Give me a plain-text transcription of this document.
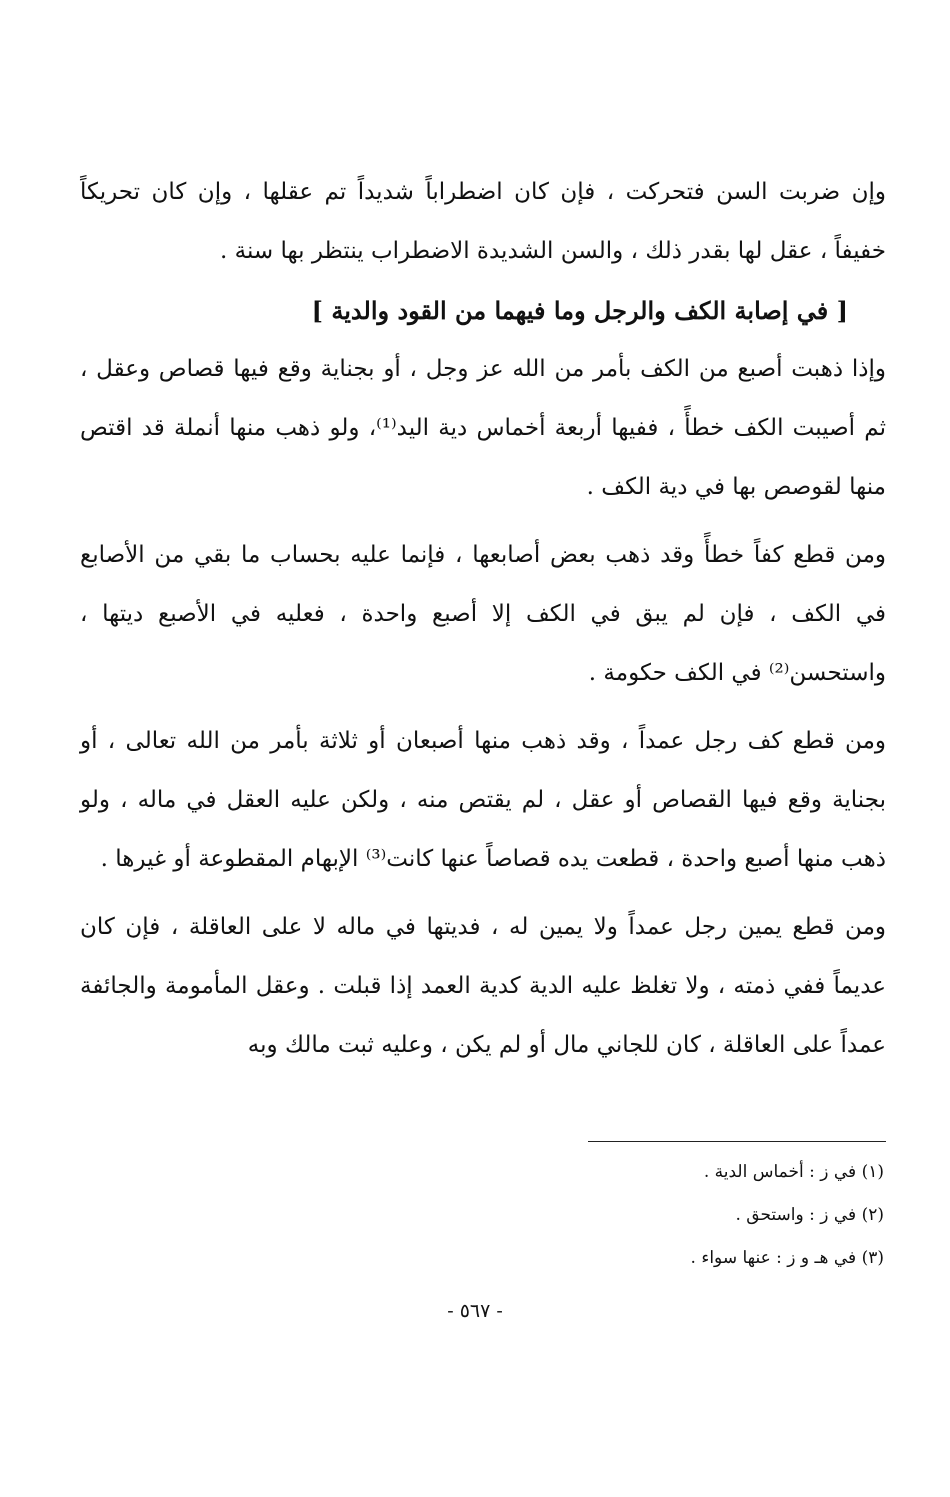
وإن ضربت السن فتحركت ، فإن كان اضطراباً شديداً تم عقلها ، وإن كان تحريكاً خفيفاً ، عقل لها بقدر ذلك ، والسن الشديدة الاضطراب ينتظر بها سنة .

[ في إصابة الكف والرجل وما فيهما من القود والدية ]

وإذا ذهبت أصبع من الكف بأمر من الله عز وجل ، أو بجناية وقع فيها قصاص وعقل ، ثم أصيبت الكف خطأً ، ففيها أربعة أخماس دية اليد⁽¹⁾، ولو ذهب منها أنملة قد اقتص منها لقوصص بها في دية الكف .

ومن قطع كفاً خطأً وقد ذهب بعض أصابعها ، فإنما عليه بحساب ما بقي من الأصابع في الكف ، فإن لم يبق في الكف إلا أصبع واحدة ، فعليه في الأصبع ديتها ، واستحسن⁽²⁾ في الكف حكومة .

ومن قطع كف رجل عمداً ، وقد ذهب منها أصبعان أو ثلاثة بأمر من الله تعالى ، أو بجناية وقع فيها القصاص أو عقل ، لم يقتص منه ، ولكن عليه العقل في ماله ، ولو ذهب منها أصبع واحدة ، قطعت يده قصاصاً عنها كانت⁽³⁾ الإبهام المقطوعة أو غيرها .

ومن قطع يمين رجل عمداً ولا يمين له ، فديتها في ماله لا على العاقلة ، فإن كان عديماً ففي ذمته ، ولا تغلظ عليه الدية كدية العمد إذا قبلت . وعقل المأمومة والجائفة عمداً على العاقلة ، كان للجاني مال أو لم يكن ، وعليه ثبت مالك وبه

(١) في ز : أخماس الدية .

(٢) في ز : واستحق .

(٣) في هـ و ز : عنها سواء .

- ٥٦٧ -
